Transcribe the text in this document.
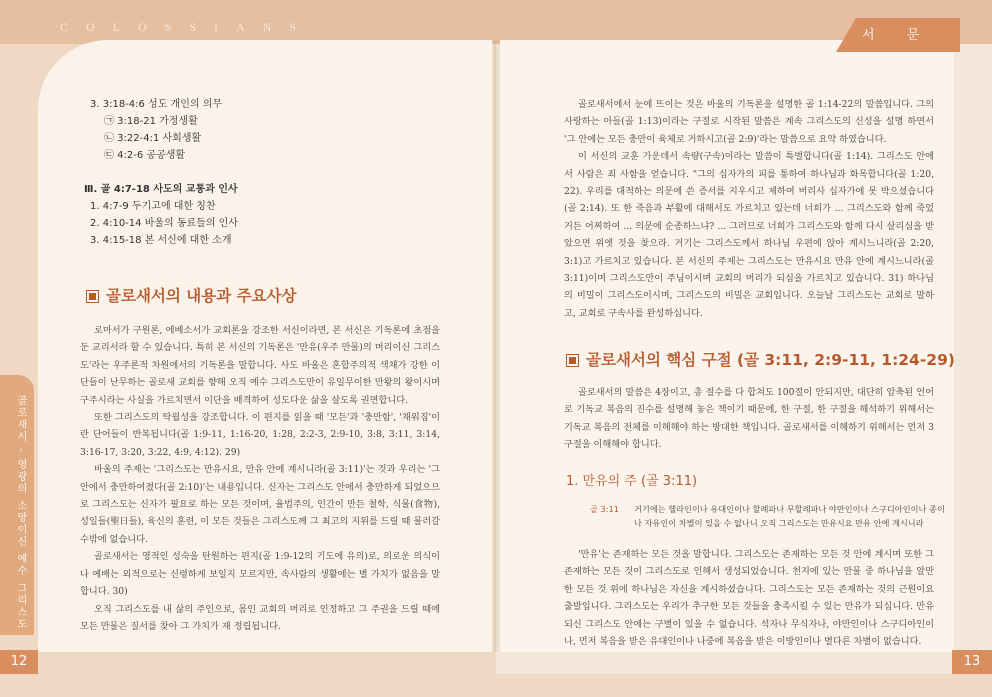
COLOSSIANS
서 문
골로새서 - 영광의 소망이신 예수 그리스도
12	13
3. 3:18-4:6 성도 개인의 의무
㉠ 3:18-21 가정생활
㉡ 3:22-4:1 사회생활
㉢ 4:2-6 공공생활
Ⅲ. 골 4:7-18 사도의 교통과 인사
1. 4:7-9 두기고에 대한 칭찬
2. 4:10-14 바울의 동료들의 인사
3. 4:15-18 본 서신에 대한 소개
골로새서의 내용과 주요사상

로마서가 구원론, 에베소서가 교회론을 강조한 서신이라면, 본 서신은 기독론에 초점을 둔 교리서라 할 수 있습니다. 특히 본 서신의 기독론은 '만유(우주 만물)의 머리이신 그리스도'라는 우주론적 차원에서의 기독론을 말합니다. 사도 바울은 혼합주의적 색채가 강한 이단들이 난무하는 골로새 교회를 향해 오직 예수 그리스도만이 유일무이한 만왕의 왕이시며 구주시라는 사실을 가르치면서 이단을 배격하여 성도다운 삶을 살도록 권면합니다.

또한 그리스도의 탁월성을 강조합니다. 이 편지를 읽을 때 '모든'과 '충만함', '채워짐'이란 단어들이 반복됩니다(골 1:9-11, 1:16-20, 1:28, 2:2-3, 2:9-10, 3:8, 3:11, 3:14, 3:16-17, 3:20, 3:22, 4:9, 4:12). 29)

바울의 주제는 '그리스도는 만유시요, 만유 안에 계시니라(골 3:11)'는 것과 우리는 '그 안에서 충만하여졌다(골 2:10)'는 내용입니다. 신자는 그리스도 안에서 충만하게 되었으므로 그리스도는 신자가 필요로 하는 모든 것이며, 율법주의, 인간이 만든 철학, 식물(食物), 성일들(聖日들), 육신의 훈련, 이 모든 것들은 그리스도께 그 최고의 지위를 드릴 때 물러갈 수밖에 없습니다.

골로새서는 영적인 성숙을 탄원하는 편지(골 1:9-12의 기도에 유의)로, 의로운 의식이나 예배는 외적으로는 신령하게 보일지 모르지만, 속사람의 생활에는 별 가치가 없음을 말합니다. 30)

오직 그리스도를 내 삶의 주인으로, 몸인 교회의 머리로 인정하고 그 주권을 드릴 때에 모든 만물은 질서를 찾아 그 가치가 재 정립됩니다.

골로새서에서 눈에 뜨이는 것은 바울의 기독론을 설명한 골 1:14-22의 말씀입니다. 그의 사랑하는 아들(골 1:13)이라는 구절로 시작된 말씀은 계속 그리스도의 신성을 설명 하면서 '그 안에는 모든 충만이 육체로 거하시고(골 2:9)'라는 말씀으로 요약 하였습니다.

이 서신의 교훈 가운데서 속량(구속)이라는 말씀이 특별합니다(골 1:14). 그리스도 안에서 사람은 죄 사함을 얻습니다. "그의 십자가의 피를 통하여 하나님과 화목합니다(골 1:20, 22). 우리를 대적하는 의문에 쓴 증서를 지우시고 제하여 버리사 십자가에 못 박으셨습니다(골 2:14). 또 한 죽음과 부활에 대해서도 가르치고 있는데 너희가 ... 그리스도와 함께 죽었거든 어찌하여 ... 의문에 순종하느냐? ... 그러므로 너희가 그리스도와 함께 다시 살리심을 받았으면 위엣 것을 찾으라. 거기는 그리스도께서 하나님 우편에 앉아 계시느니라(골 2:20, 3:1)고 가르치고 있습니다. 본 서신의 주제는 그리스도는 만유시요 만유 안에 계시느니라(골 3:11)이며 그리스도만이 주님이시며 교회의 머리가 되심을 가르치고 있습니다. 31) 하나님의 비밀이 그리스도이시며, 그리스도의 비밀은 교회입니다. 오늘날 그리스도는 교회로 말하고, 교회로 구속사를 완성하십니다.

골로새서의 핵심 구절 (골 3:11, 2:9-11, 1:24-29)

골로새서의 말씀은 4장이고, 총 절수를 다 합쳐도 100절이 안되지만, 대단히 압축된 언어로 기독교 복음의 진수를 설명해 놓은 책이기 때문에, 한 구절, 한 구절을 해석하기 위해서는 기독교 복음의 전체를 이해해야 하는 방대한 책입니다. 골로새서를 이해하기 위해서는 먼저 3구절을 이해해야 합니다.

1. 만유의 주 (골 3:11)
골 3:11 거기에는 헬라인이나 유대인이나 할례파나 무할례파나 야만인이나 스구디아인이나 종이나 자유인이 차별이 있을 수 없나니 오직 그리스도는 만유시요 만유 안에 계시니라

'만유'는 존재하는 모든 것을 말합니다. 그리스도는 존재하는 모든 것 안에 계시며 또한 그 존재하는 모든 것이 그리스도로 인해서 생성되었습니다. 천지에 있는 만물 중 하나님을 알만한 모든 것 위에 하나님은 자신을 계시하셨습니다. 그리스도는 모든 존재하는 것의 근원이요 출발입니다. 그리스도는 우리가 추구한 모든 것들을 충족시킬 수 있는 만유가 되십니다. 만유되신 그리스도 안에는 구별이 있을 수 없습니다. 석자나 무식자나, 야만인이나 스구디아인이나, 먼저 복음을 받은 유대인이나 나중에 복음을 받은 이방인이나 별다른 차별이 없습니다.
